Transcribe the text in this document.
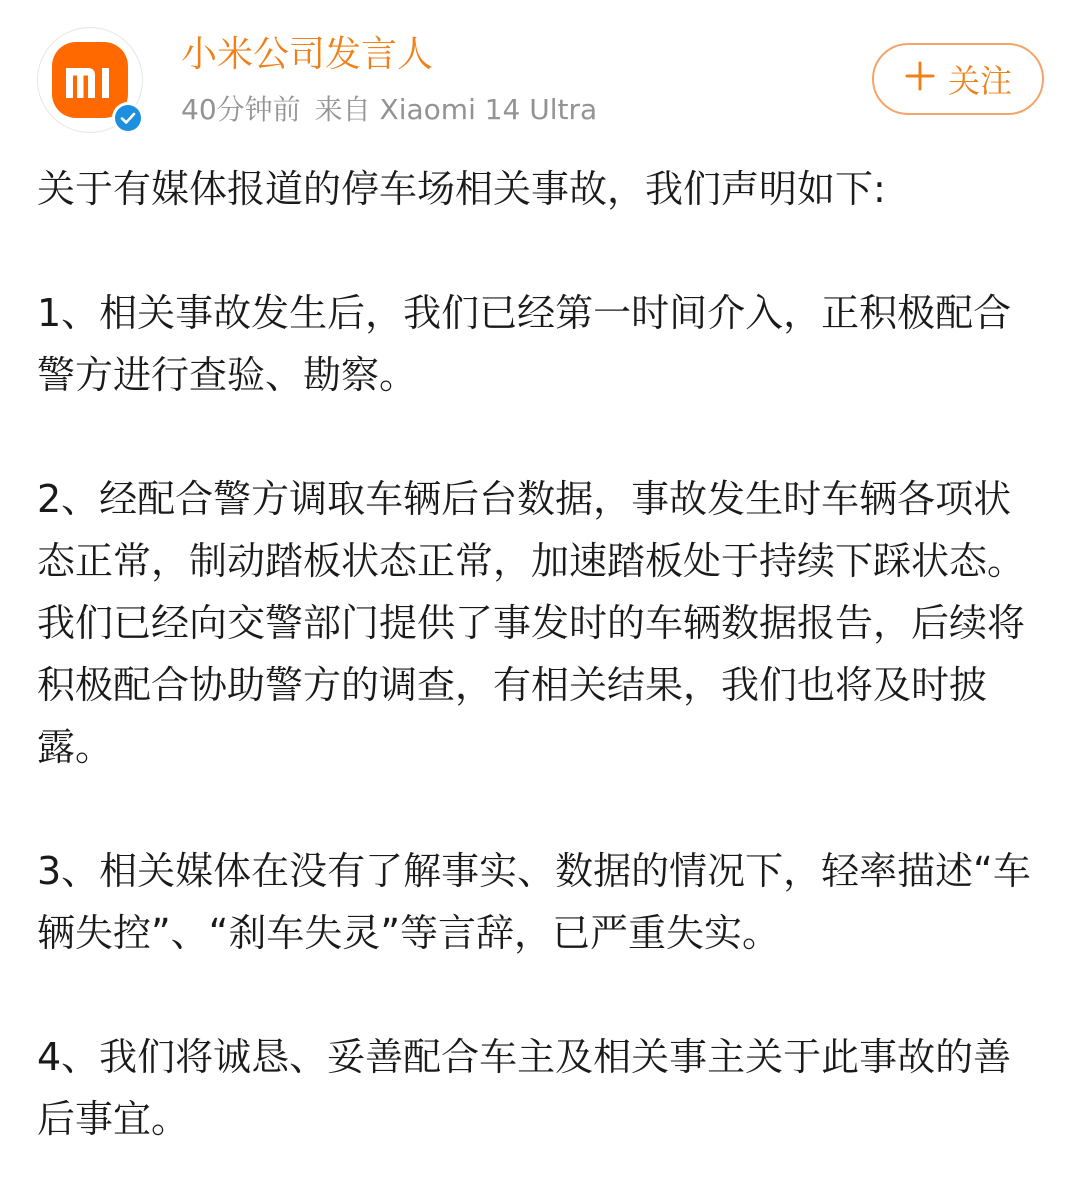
小米公司发言人
40分钟前 来自 Xiaomi 14 Ultra
关注

关于有媒体报道的停车场相关事故，我们声明如下:

1、相关事故发生后，我们已经第一时间介入，正积极配合警方进行查验、勘察。

2、经配合警方调取车辆后台数据，事故发生时车辆各项状态正常，制动踏板状态正常，加速踏板处于持续下踩状态。我们已经向交警部门提供了事发时的车辆数据报告，后续将积极配合协助警方的调查，有相关结果，我们也将及时披露。

3、相关媒体在没有了解事实、数据的情况下，轻率描述“车辆失控”、“刹车失灵”等言辞，已严重失实。

4、我们将诚恳、妥善配合车主及相关事主关于此事故的善后事宜。
